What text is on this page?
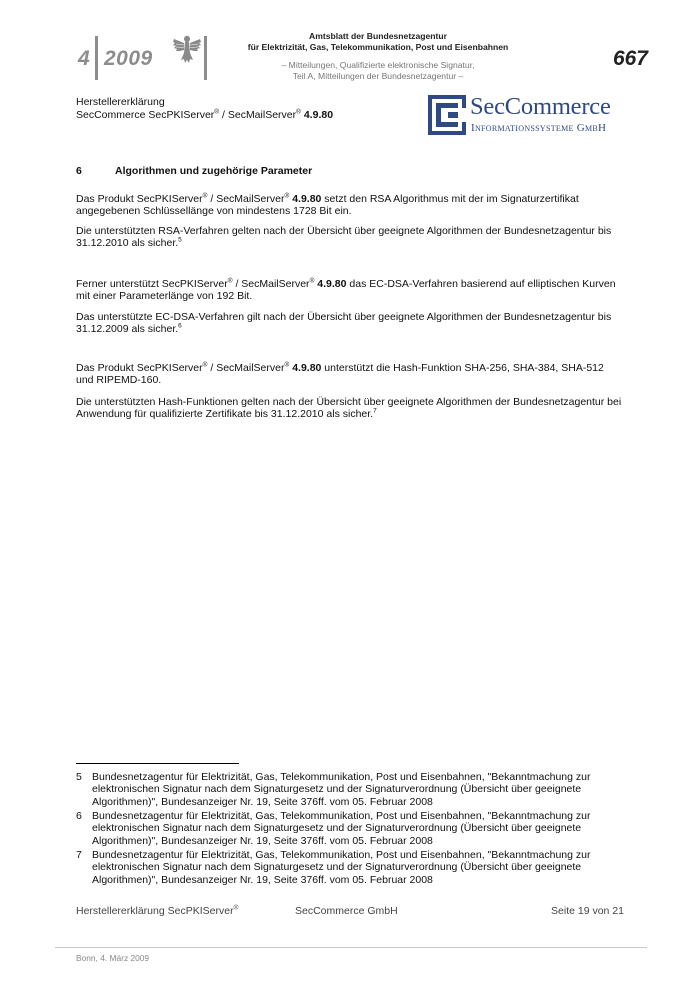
4 2009
Amtsblatt der Bundesnetzagentur
für Elektrizität, Gas, Telekommunikation, Post und Eisenbahnen
– Mitteilungen, Qualifizierte elektronische Signatur,
Teil A, Mitteilungen der Bundesnetzagentur –
667
Herstellererklärung
SecCommerce SecPKIServer® / SecMailServer® 4.9.80	SecCommerce
Informationssysteme GmbH
6	Algorithmen und zugehörige Parameter
Das Produkt SecPKIServer® / SecMailServer® 4.9.80 setzt den RSA Algorithmus mit der im Signaturzertifikat angegebenen Schlüssellänge von mindestens 1728 Bit ein.
Die unterstützten RSA-Verfahren gelten nach der Übersicht über geeignete Algorithmen der Bundesnetzagentur bis 31.12.2010 als sicher.$^5$
Ferner unterstützt SecPKIServer® / SecMailServer® 4.9.80 das EC-DSA-Verfahren basierend auf elliptischen Kurven mit einer Parameterlänge von 192 Bit.
Das unterstützte EC-DSA-Verfahren gilt nach der Übersicht über geeignete Algorithmen der Bundesnetzagentur bis 31.12.2009 als sicher.$^6$
Das Produkt SecPKIServer® / SecMailServer® 4.9.80 unterstützt die Hash-Funktion SHA-256, SHA-384, SHA-512 und RIPEMD-160.
Die unterstützten Hash-Funktionen gelten nach der Übersicht über geeignete Algorithmen der Bundesnetzagentur bei Anwendung für qualifizierte Zertifikate bis 31.12.2010 als sicher.$^7$
5 Bundesnetzagentur für Elektrizität, Gas, Telekommunikation, Post und Eisenbahnen, "Bekanntmachung zur elektronischen Signatur nach dem Signaturgesetz und der Signaturverordnung (Übersicht über geeignete Algorithmen)", Bundesanzeiger Nr. 19, Seite 376ff. vom 05. Februar 2008
6 Bundesnetzagentur für Elektrizität, Gas, Telekommunikation, Post und Eisenbahnen, "Bekanntmachung zur elektronischen Signatur nach dem Signaturgesetz und der Signaturverordnung (Übersicht über geeignete Algorithmen)", Bundesanzeiger Nr. 19, Seite 376ff. vom 05. Februar 2008
7 Bundesnetzagentur für Elektrizität, Gas, Telekommunikation, Post und Eisenbahnen, "Bekanntmachung zur elektronischen Signatur nach dem Signaturgesetz und der Signaturverordnung (Übersicht über geeignete Algorithmen)", Bundesanzeiger Nr. 19, Seite 376ff. vom 05. Februar 2008
Herstellererklärung SecPKIServer®	SecCommerce GmbH	Seite 19 von 21
Bonn, 4. März 2009
